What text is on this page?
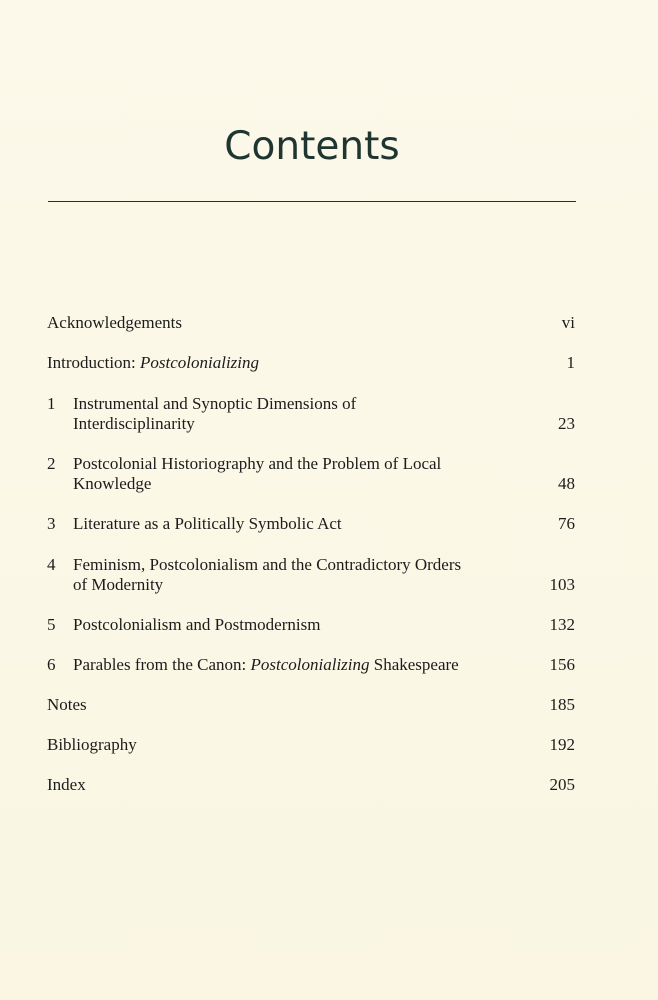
Contents
Acknowledgements	vi
Introduction: Postcolonializing	1
1 Instrumental and Synoptic Dimensions of
Interdisciplinarity	23
2 Postcolonial Historiography and the Problem of Local
Knowledge	48
3	Literature as a Politically Symbolic Act	76
4 Feminism, Postcolonialism and the Contradictory Orders
of Modernity	103
5	Postcolonialism and Postmodernism	132
6	Parables from the Canon: Postcolonializing Shakespeare	156
Notes	185
Bibliography	192
Index	205
